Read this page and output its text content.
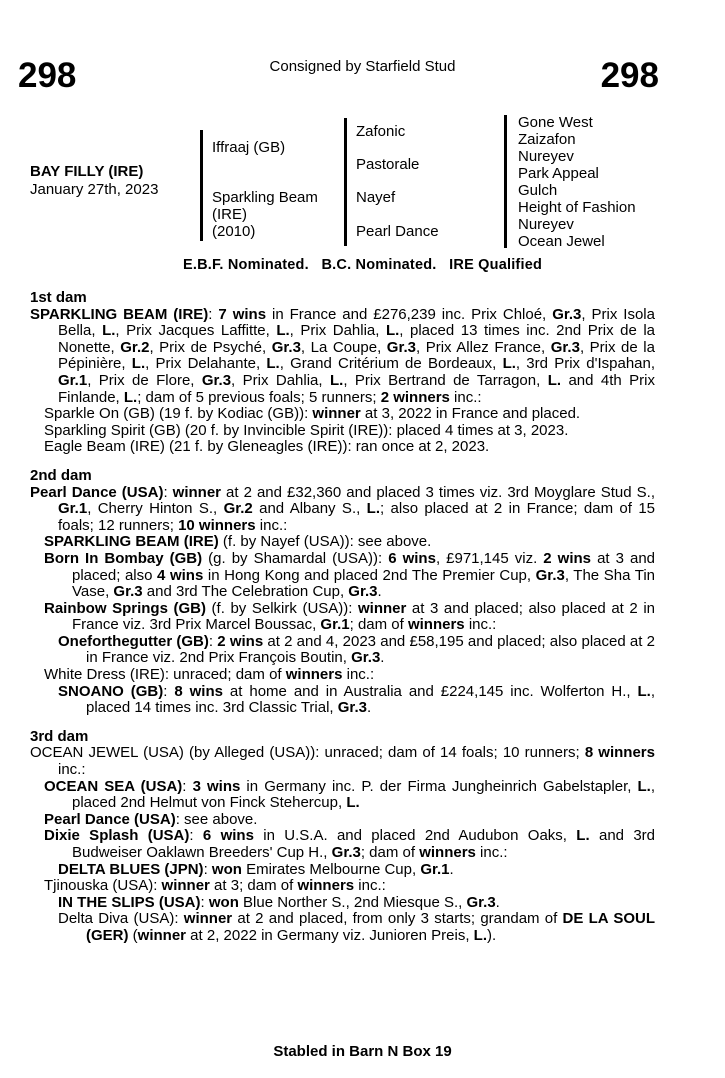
298	298
Consigned by Starfield Stud
BAY FILLY (IRE)
January 27th, 2023
Iffraaj (GB)
Sparkling Beam
(IRE)
(2010)
Zafonic
Pastorale
Nayef
Pearl Dance
Gone West
Zaizafon
Nureyev
Park Appeal
Gulch
Height of Fashion
Nureyev
Ocean Jewel
E.B.F. Nominated.   B.C. Nominated.   IRE Qualified
1st dam
SPARKLING BEAM (IRE): 7 wins in France and £276,239 inc. Prix Chloé, Gr.3, Prix Isola Bella, L., Prix Jacques Laffitte, L., Prix Dahlia, L., placed 13 times inc. 2nd Prix de la Nonette, Gr.2, Prix de Psyché, Gr.3, La Coupe, Gr.3, Prix Allez France, Gr.3, Prix de la Pépinière, L., Prix Delahante, L., Grand Critérium de Bordeaux, L., 3rd Prix d'Ispahan, Gr.1, Prix de Flore, Gr.3, Prix Dahlia, L., Prix Bertrand de Tarragon, L. and 4th Prix Finlande, L.; dam of 5 previous foals; 5 runners; 2 winners inc.:
Sparkle On (GB) (19 f. by Kodiac (GB)): winner at 3, 2022 in France and placed.
Sparkling Spirit (GB) (20 f. by Invincible Spirit (IRE)): placed 4 times at 3, 2023.
Eagle Beam (IRE) (21 f. by Gleneagles (IRE)): ran once at 2, 2023.
2nd dam
Pearl Dance (USA): winner at 2 and £32,360 and placed 3 times viz. 3rd Moyglare Stud S., Gr.1, Cherry Hinton S., Gr.2 and Albany S., L.; also placed at 2 in France; dam of 15 foals; 12 runners; 10 winners inc.:
SPARKLING BEAM (IRE) (f. by Nayef (USA)): see above.
Born In Bombay (GB) (g. by Shamardal (USA)): 6 wins, £971,145 viz. 2 wins at 3 and placed; also 4 wins in Hong Kong and placed 2nd The Premier Cup, Gr.3, The Sha Tin Vase, Gr.3 and 3rd The Celebration Cup, Gr.3.
Rainbow Springs (GB) (f. by Selkirk (USA)): winner at 3 and placed; also placed at 2 in France viz. 3rd Prix Marcel Boussac, Gr.1; dam of winners inc.:
Oneforthegutter (GB): 2 wins at 2 and 4, 2023 and £58,195 and placed; also placed at 2 in France viz. 2nd Prix François Boutin, Gr.3.
White Dress (IRE): unraced; dam of winners inc.:
SNOANO (GB): 8 wins at home and in Australia and £224,145 inc. Wolferton H., L., placed 14 times inc. 3rd Classic Trial, Gr.3.
3rd dam
OCEAN JEWEL (USA) (by Alleged (USA)): unraced; dam of 14 foals; 10 runners; 8 winners inc.:
OCEAN SEA (USA): 3 wins in Germany inc. P. der Firma Jungheinrich Gabelstapler, L., placed 2nd Helmut von Finck Stehercup, L.
Pearl Dance (USA): see above.
Dixie Splash (USA): 6 wins in U.S.A. and placed 2nd Audubon Oaks, L. and 3rd Budweiser Oaklawn Breeders' Cup H., Gr.3; dam of winners inc.:
DELTA BLUES (JPN): won Emirates Melbourne Cup, Gr.1.
Tjinouska (USA): winner at 3; dam of winners inc.:
IN THE SLIPS (USA): won Blue Norther S., 2nd Miesque S., Gr.3.
Delta Diva (USA): winner at 2 and placed, from only 3 starts; grandam of DE LA SOUL (GER) (winner at 2, 2022 in Germany viz. Junioren Preis, L.).
Stabled in Barn N Box 19
